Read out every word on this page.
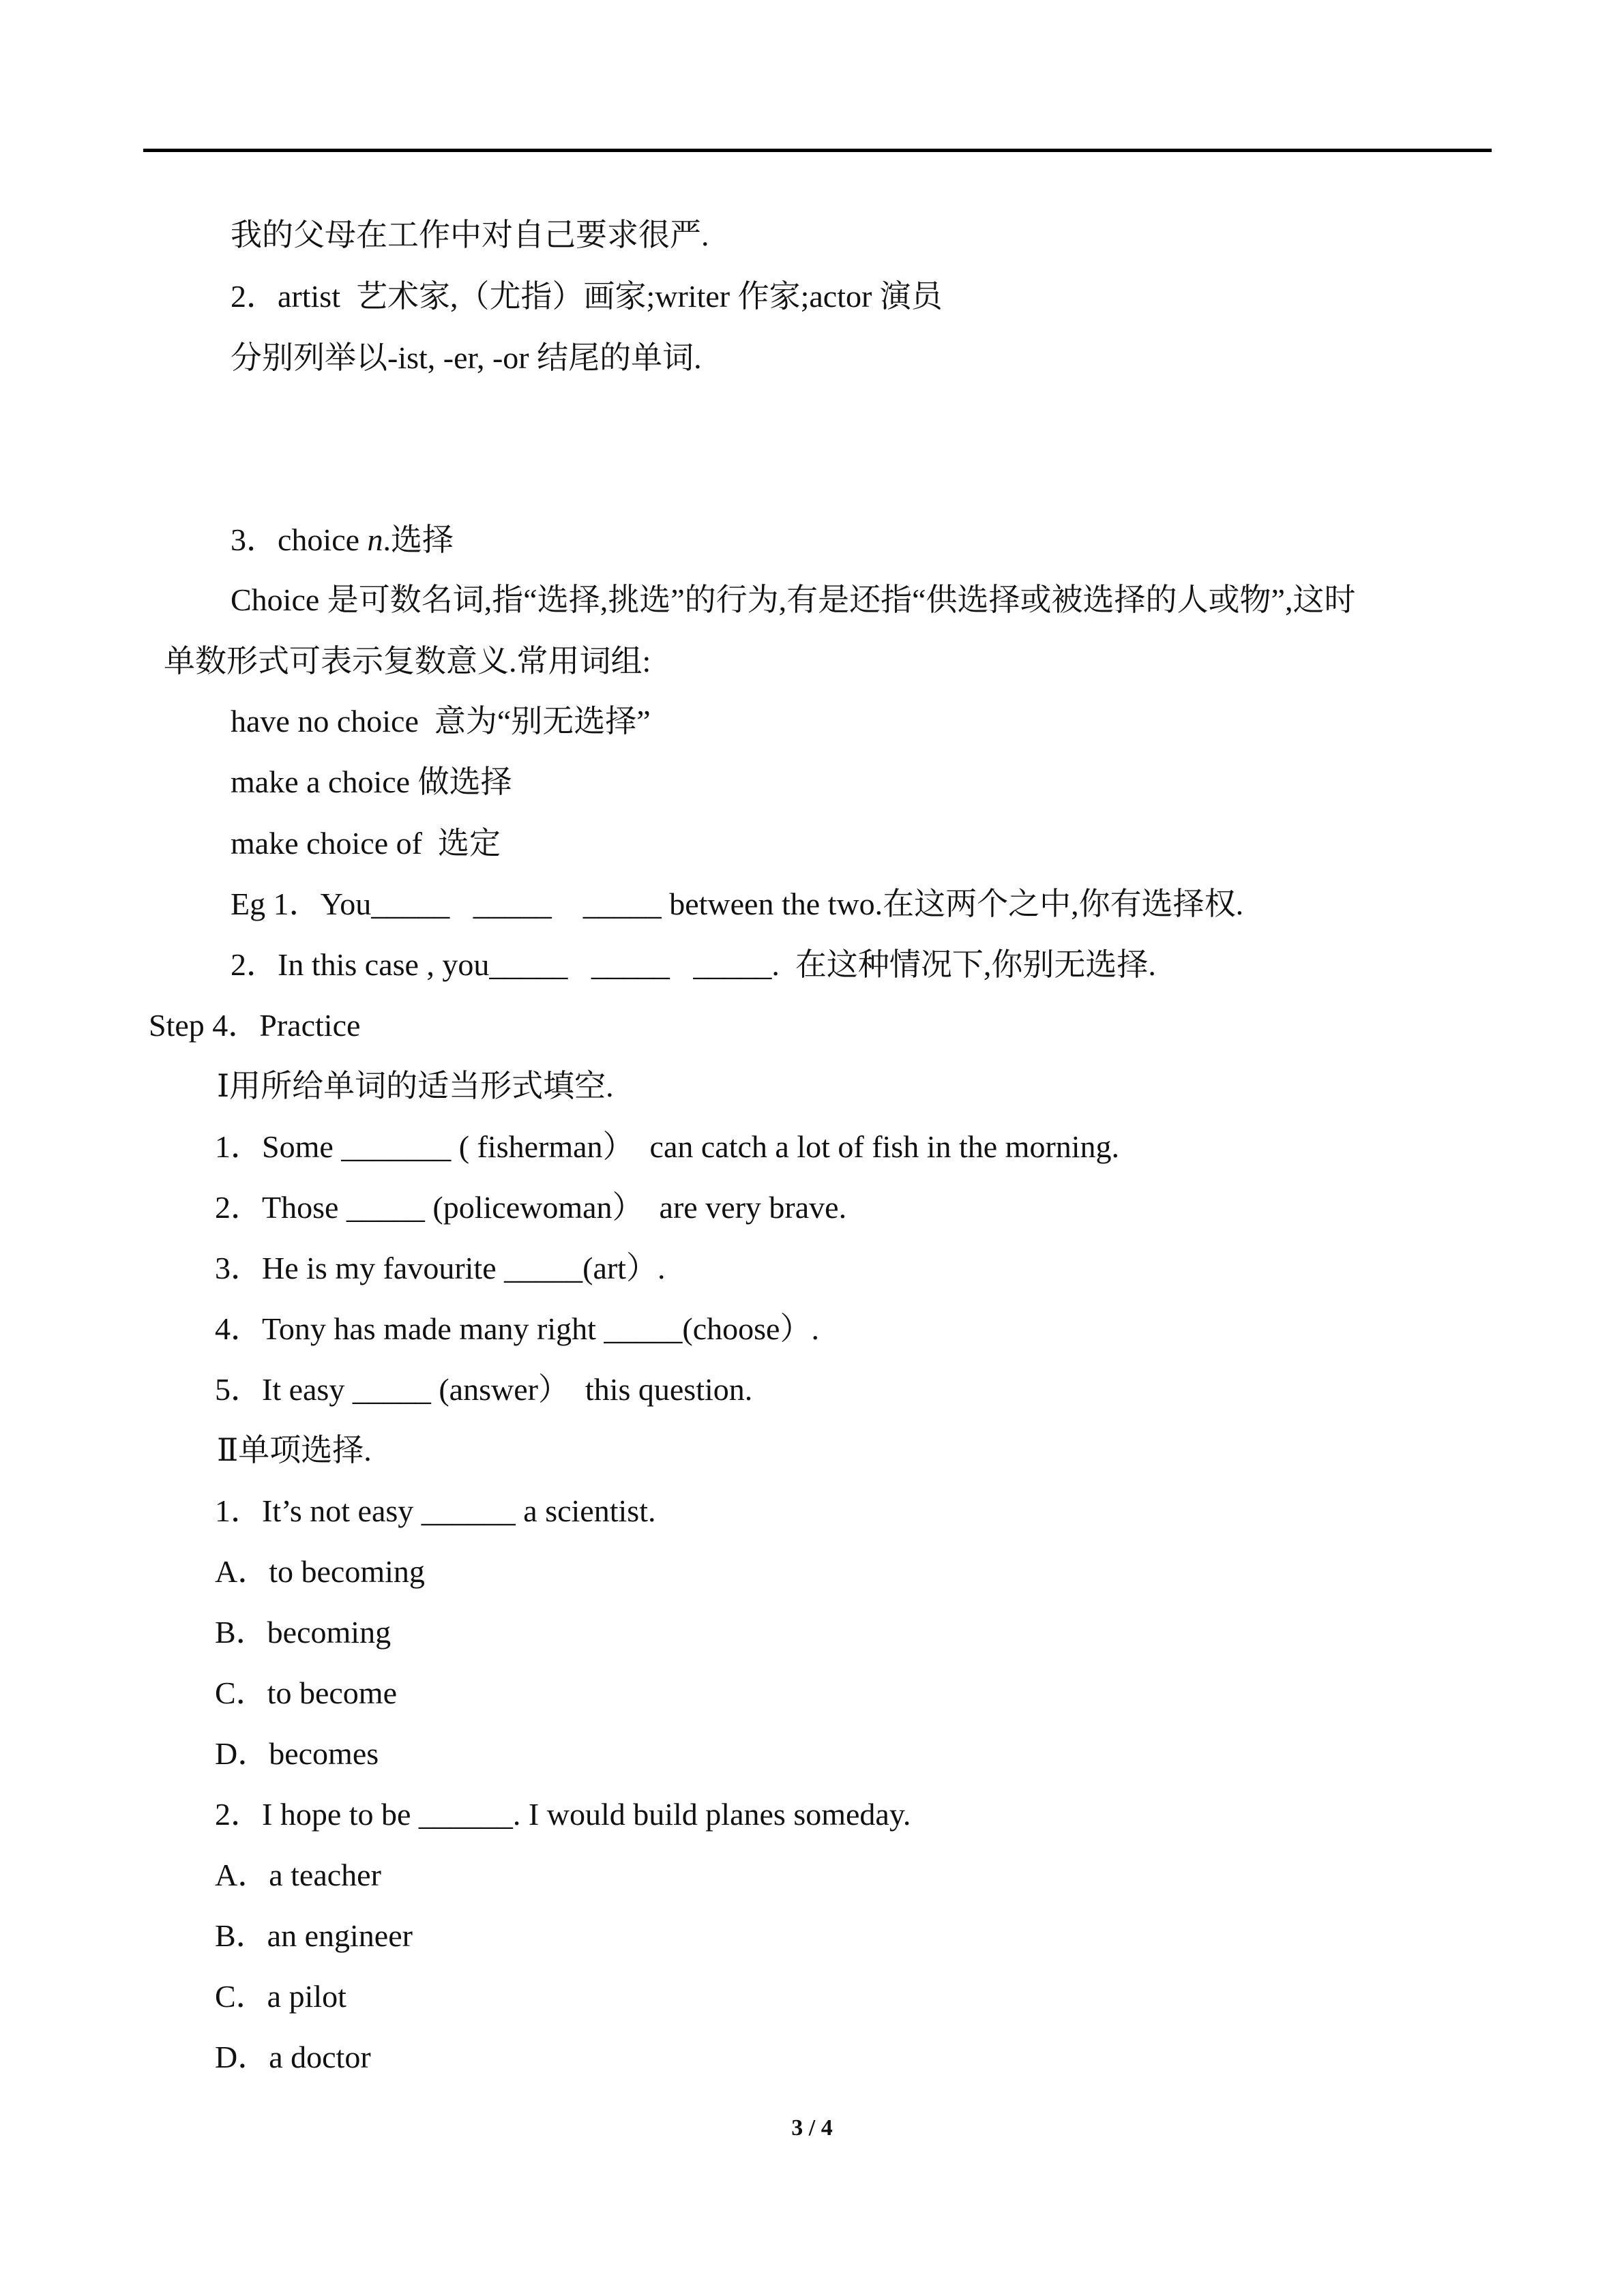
我的父母在工作中对自己要求很严.
2．artist  艺术家,（尤指）画家;writer 作家;actor 演员
分别列举以-ist, -er, -or 结尾的单词.
3．choice n.选择
Choice 是可数名词,指“选择,挑选”的行为,有是还指“供选择或被选择的人或物”,这时
单数形式可表示复数意义.常用词组:
have no choice  意为“别无选择”
make a choice 做选择
make choice of  选定
Eg 1．You_____   _____    _____ between the two.在这两个之中,你有选择权.
2．In this case , you_____   _____   _____.  在这种情况下,你别无选择.
Step 4．Practice
Ⅰ用所给单词的适当形式填空.
1．Some _______ ( fisherman）  can catch a lot of fish in the morning.
2．Those _____ (policewoman）  are very brave.
3．He is my favourite _____(art）.
4．Tony has made many right _____(choose）.
5．It easy _____ (answer）  this question.
Ⅱ单项选择.
1．It’s not easy ______ a scientist.
A．to becoming
B．becoming
C．to become
D．becomes
2．I hope to be ______. I would build planes someday.
A．a teacher
B．an engineer
C．a pilot
D．a doctor
3 / 4
